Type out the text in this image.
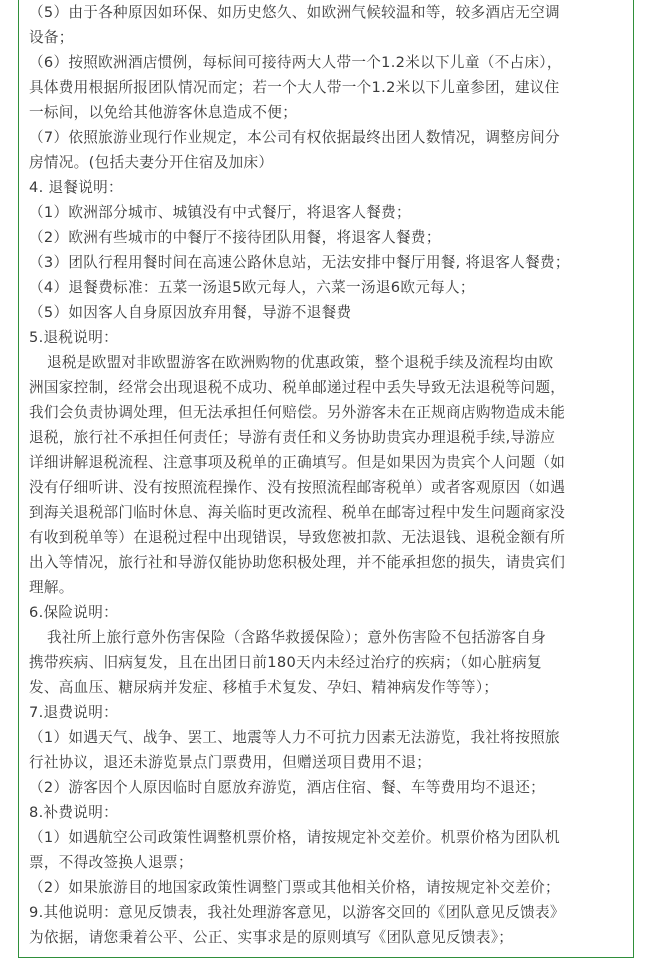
（5）由于各种原因如环保、如历史悠久、如欧洲气候较温和等，较多酒店无空调
设备；
（6）按照欧洲酒店惯例，每标间可接待两大人带一个1.2米以下儿童（不占床），
具体费用根据所报团队情况而定；若一个大人带一个1.2米以下儿童参团，建议住
一标间，以免给其他游客休息造成不便；
（7）依照旅游业现行作业规定，本公司有权依据最终出团人数情况，调整房间分
房情况。(包括夫妻分开住宿及加床）
4. 退餐说明：
（1）欧洲部分城市、城镇没有中式餐厅，将退客人餐费；
（2）欧洲有些城市的中餐厅不接待团队用餐，将退客人餐费；
（3）团队行程用餐时间在高速公路休息站，无法安排中餐厅用餐, 将退客人餐费；
（4）退餐费标准：五菜一汤退5欧元每人，六菜一汤退6欧元每人；
（5）如因客人自身原因放弃用餐，导游不退餐费
5.退税说明：
退税是欧盟对非欧盟游客在欧洲购物的优惠政策，整个退税手续及流程均由欧
洲国家控制，经常会出现退税不成功、税单邮递过程中丢失导致无法退税等问题，
我们会负责协调处理，但无法承担任何赔偿。另外游客未在正规商店购物造成未能
退税，旅行社不承担任何责任；导游有责任和义务协助贵宾办理退税手续,导游应
详细讲解退税流程、注意事项及税单的正确填写。但是如果因为贵宾个人问题（如
没有仔细听讲、没有按照流程操作、没有按照流程邮寄税单）或者客观原因（如遇
到海关退税部门临时休息、海关临时更改流程、税单在邮寄过程中发生问题商家没
有收到税单等）在退税过程中出现错误，导致您被扣款、无法退钱、退税金额有所
出入等情况，旅行社和导游仅能协助您积极处理，并不能承担您的损失，请贵宾们
理解。
6.保险说明：
我社所上旅行意外伤害保险（含路华救援保险）；意外伤害险不包括游客自身
携带疾病、旧病复发，且在出团日前180天内未经过治疗的疾病；（如心脏病复
发、高血压、糖尿病并发症、移植手术复发、孕妇、精神病发作等等）；
7.退费说明：
（1）如遇天气、战争、罢工、地震等人力不可抗力因素无法游览，我社将按照旅
行社协议，退还未游览景点门票费用，但赠送项目费用不退；
（2）游客因个人原因临时自愿放弃游览，酒店住宿、餐、车等费用均不退还；
8.补费说明：
（1）如遇航空公司政策性调整机票价格，请按规定补交差价。机票价格为团队机
票，不得改签换人退票；
（2）如果旅游目的地国家政策性调整门票或其他相关价格，请按规定补交差价；
9.其他说明：意见反馈表，我社处理游客意见，以游客交回的《团队意见反馈表》
为依据，请您秉着公平、公正、实事求是的原则填写《团队意见反馈表》；
